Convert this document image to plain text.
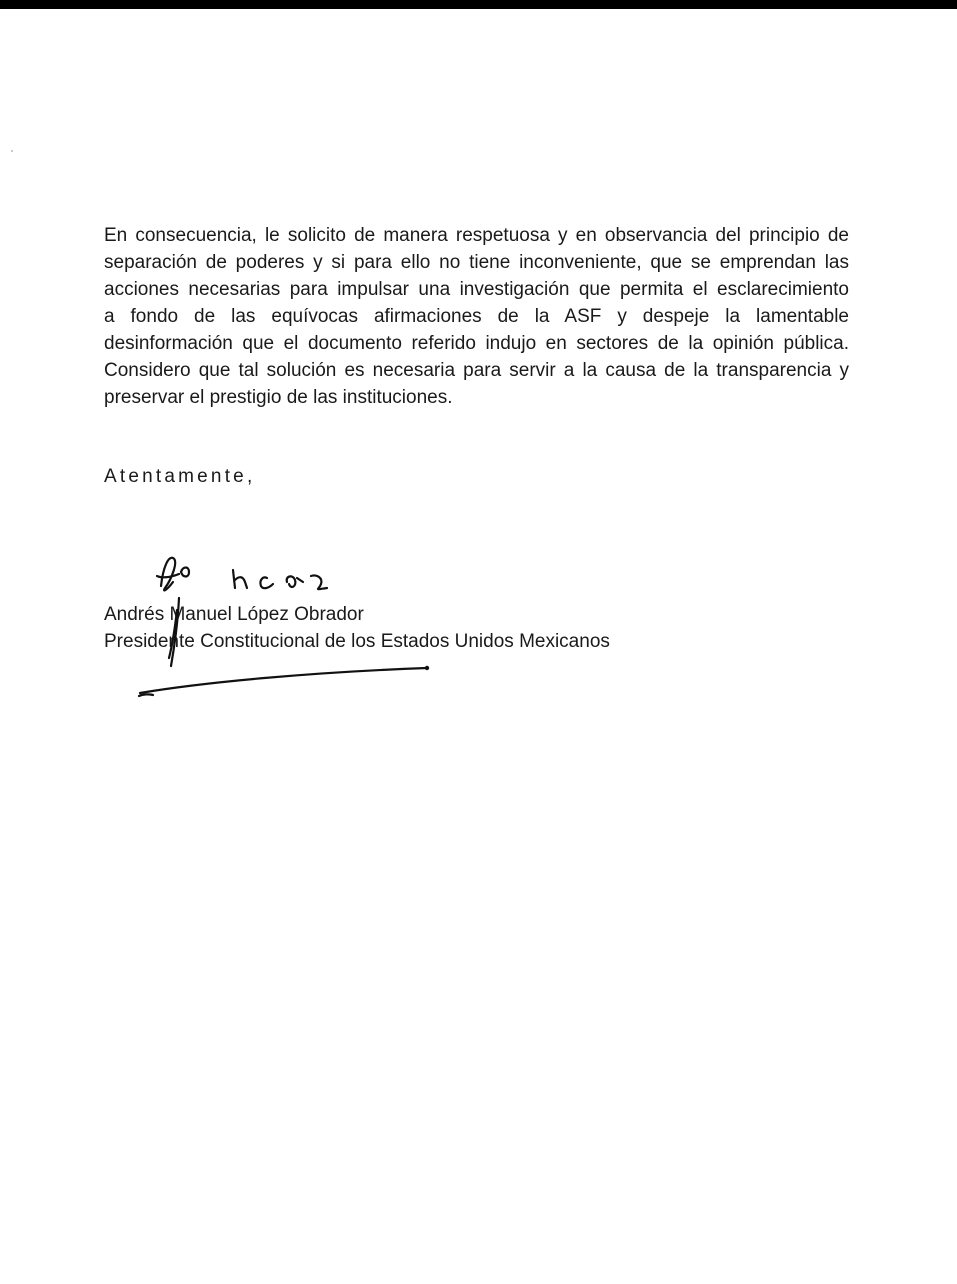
En consecuencia, le solicito de manera respetuosa y en observancia del principio de
separación de poderes y si para ello no tiene inconveniente, que se emprendan las
acciones necesarias para impulsar una investigación que permita el esclarecimiento
a fondo de las equívocas afirmaciones de la ASF y despeje la lamentable
desinformación que el documento referido indujo en sectores de la opinión pública.
Considero que tal solución es necesaria para servir a la causa de la transparencia y
preservar el prestigio de las instituciones.

Atentamente,

Andrés Manuel López Obrador
Presidente Constitucional de los Estados Unidos Mexicanos
